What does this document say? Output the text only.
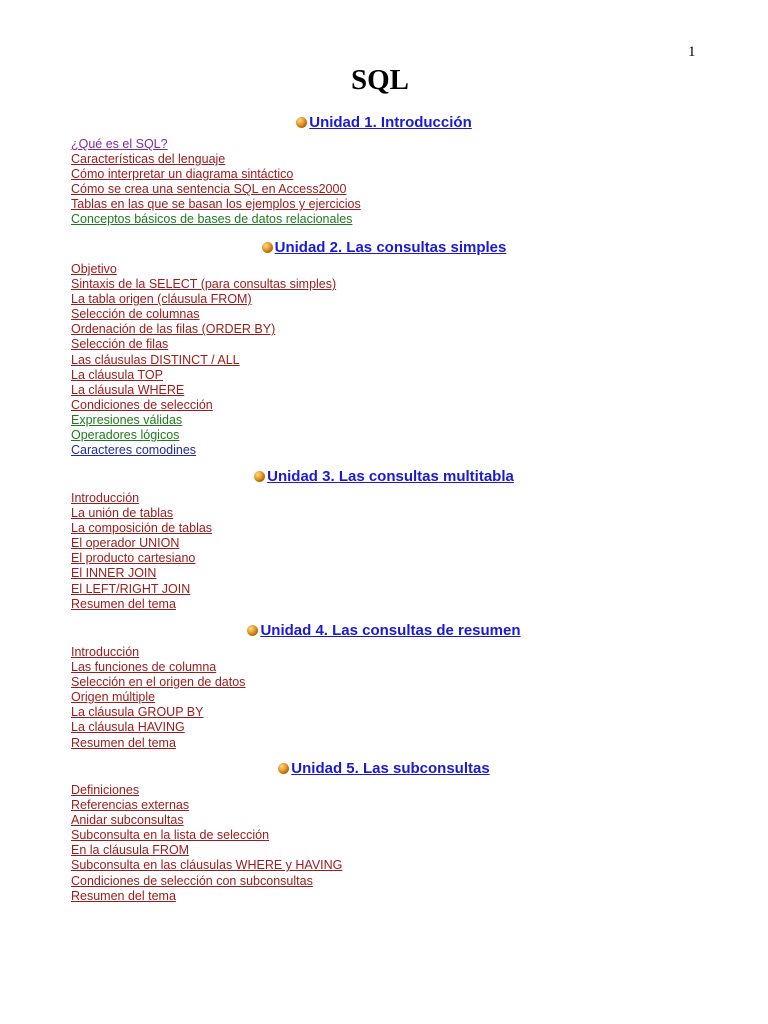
1
SQL
Unidad 1. Introducción
¿Qué es el SQL?
Características del lenguaje
Cómo interpretar un diagrama sintáctico
Cómo se crea una sentencia SQL en Access2000
Tablas en las que se basan los ejemplos y ejercicios
Conceptos básicos de bases de datos relacionales
Unidad 2. Las consultas simples
Objetivo
Sintaxis de la SELECT (para consultas simples)
La tabla origen (cláusula FROM)
Selección de columnas
Ordenación de las filas (ORDER BY)
Selección de filas
Las cláusulas DISTINCT / ALL
La cláusula TOP
La cláusula WHERE
Condiciones de selección
Expresiones válidas
Operadores lógicos
Caracteres comodines
Unidad 3. Las consultas multitabla
Introducción
La unión de tablas
La composición de tablas
El operador UNION
El producto cartesiano
El INNER JOIN
El LEFT/RIGHT JOIN
Resumen del tema
Unidad 4. Las consultas de resumen
Introducción
Las funciones de columna
Selección en el origen de datos
Origen múltiple
La cláusula GROUP BY
La cláusula HAVING
Resumen del tema
Unidad 5. Las subconsultas
Definiciones
Referencias externas
Anidar subconsultas
Subconsulta en la lista de selección
En la cláusula FROM
Subconsulta en las cláusulas WHERE y HAVING
Condiciones de selección con subconsultas
Resumen del tema
